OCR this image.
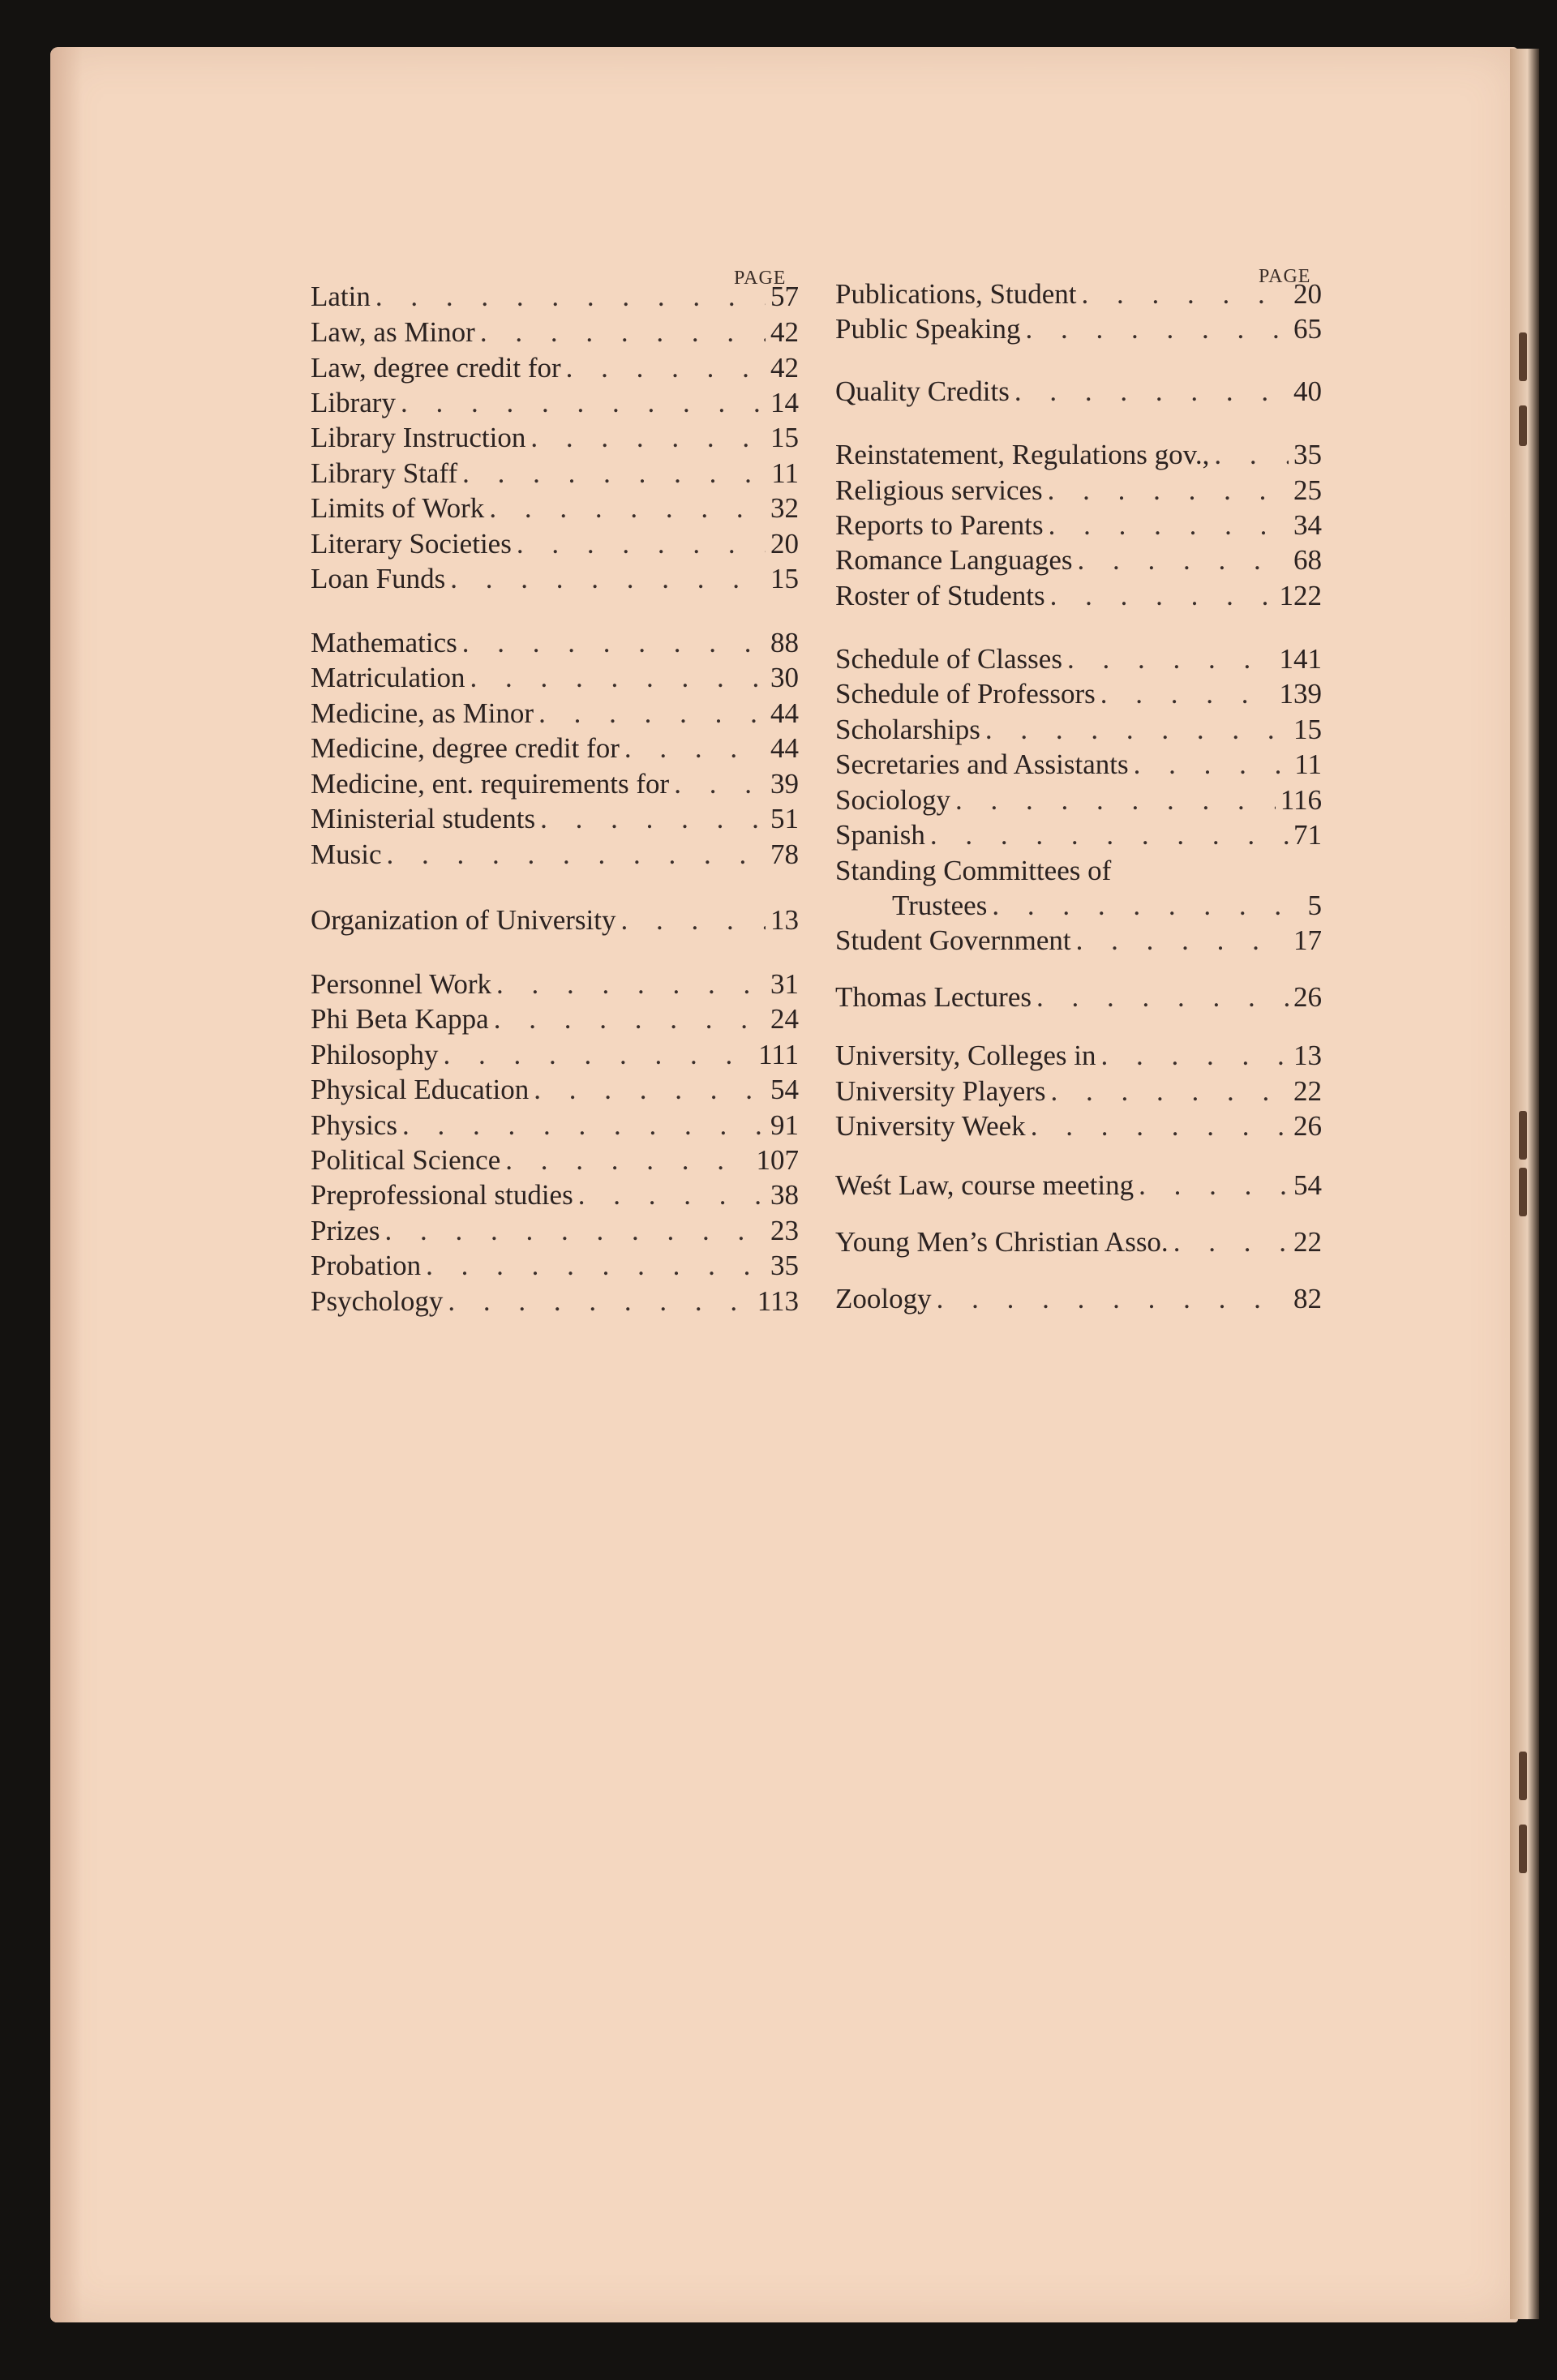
PAGE
Latin . . .	57
Law, as Minor . . .	42
Law, degree credit for . . .	42
Library . . .	14
Library Instruction . . .	15
Library Staff . . .	11
Limits of Work . . .	32
Literary Societies . . .	20
Loan Funds . . .	15
Mathematics . . .	88
Matriculation . . .	30
Medicine, as Minor . . .	44
Medicine, degree credit for . . .	44
Medicine, ent. requirements for . . .	39
Ministerial students . . .	51
Music . . .	78
Organization of University . . .	13
Personnel Work . . .	31
Phi Beta Kappa . . .	24
Philosophy . . .	111
Physical Education . . .	54
Physics . . .	91
Political Science . . .	107
Preprofessional studies . . .	38
Prizes . . .	23
Probation . . .	35
Psychology . . .	113
PAGE
Publications, Student . . .	20
Public Speaking . . .	65
Quality Credits . . .	40
Reinstatement, Regulations gov., . . .	35
Religious services . . .	25
Reports to Parents . . .	34
Romance Languages . . .	68
Roster of Students . . .	122
Schedule of Classes . . .	141
Schedule of Professors . . .	139
Scholarships . . .	15
Secretaries and Assistants . . .	11
Sociology . . .	116
Spanish . . .	71
Standing Committees of
Trustees . . .	5
Student Government . . .	17
Thomas Lectures . . .	26
University, Colleges in . . .	13
University Players . . .	22
University Week . . .	26
Weśt Law, course meeting . . .	54
Young Men’s Christian Asso. . . .	22
Zoology . . .	82
